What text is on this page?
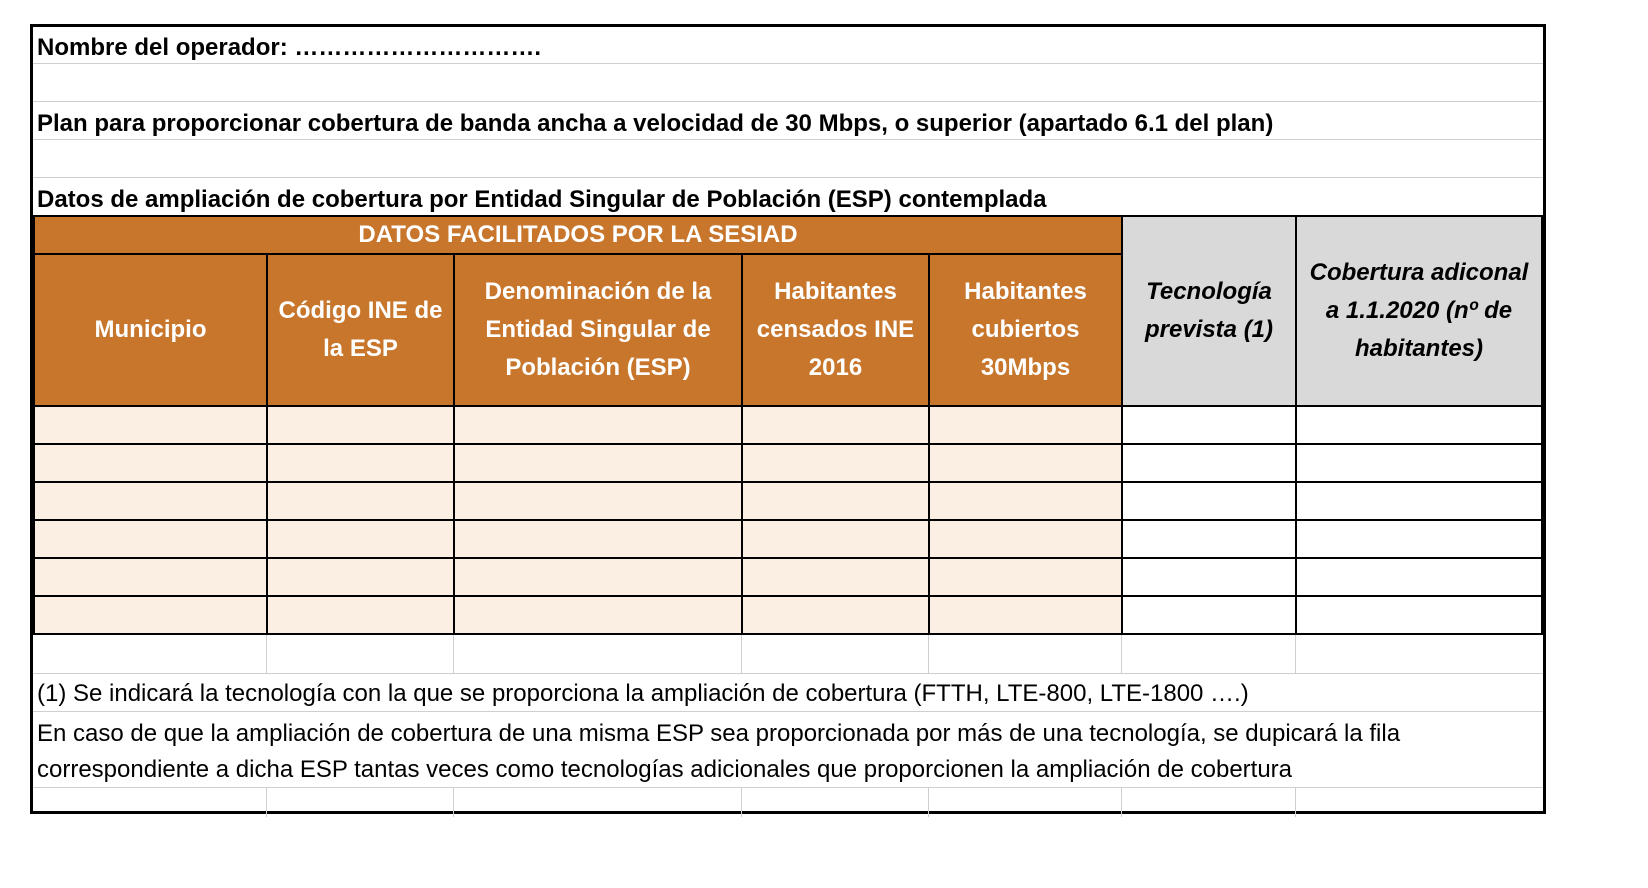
Nombre del operador: ………………………….
Plan para proporcionar cobertura de banda ancha a velocidad de 30 Mbps, o superior (apartado 6.1 del plan)
Datos de ampliación de cobertura por Entidad Singular de Población (ESP) contemplada
DATOS FACILITADOS POR LA SESIAD
Municipio
Código INE de la ESP
Denominación de la Entidad Singular de Población (ESP)
Habitantes censados INE 2016
Habitantes cubiertos 30Mbps
Tecnología prevista (1)
Cobertura adiconal a 1.1.2020 (nº de habitantes)
(1) Se indicará la tecnología con la que se proporciona la ampliación de cobertura (FTTH, LTE-800, LTE-1800 ….)
En caso de que la ampliación de cobertura de una misma ESP sea proporcionada por más de una tecnología, se dupicará la fila
correspondiente a dicha ESP tantas veces como tecnologías adicionales que proporcionen la ampliación de cobertura
